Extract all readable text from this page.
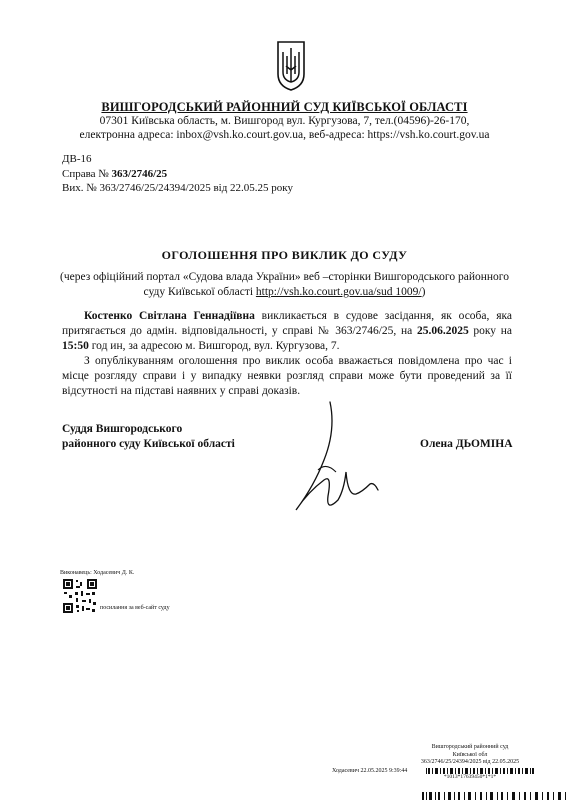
ВИШГОРОДСЬКИЙ РАЙОННИЙ СУД КИЇВСЬКОЇ ОБЛАСТІ
07301 Київська область, м. Вишгород вул. Кургузова, 7, тел.(04596)-26-170,
електронна адреса: inbox@vsh.ko.court.gov.ua, веб-адреса: https://vsh.ko.court.gov.ua
ДВ-16
Справа № 363/2746/25
Вих. № 363/2746/25/24394/2025 від 22.05.25 року
ОГОЛОШЕННЯ ПРО ВИКЛИК ДО СУДУ
(через офіційний портал «Судова влада України» веб –сторінки Вишгородського районного
суду Київської області http://vsh.ko.court.gov.ua/sud 1009/)

Костенко Світлана Геннадіївна викликається в судове засідання, як особа, яка притягається до адмін. відповідальності, у справі № 363/2746/25, на 25.06.2025 року на 15:50 год ин, за адресою м. Вишгород, вул. Кургузова, 7.

З опублікуванням оголошення про виклик особа вважається повідомлена про час і місце розгляду справи і у випадку неявки розгляд справи може бути проведений за її відсутності на підставі наявних у справі доказів.

Суддя Вишгородського
районного суду Київської області	Олена ДЬОМІНА
Виконавець: Ходасевич Д. К.
посилання за веб-сайт суду
Вишгородський районний суд
Київської обл
363/2746/25/24394/2025 від 22.05.2025
Ходасевич 22.05.2025 9:39:44
*1013*17639450*1*1*
